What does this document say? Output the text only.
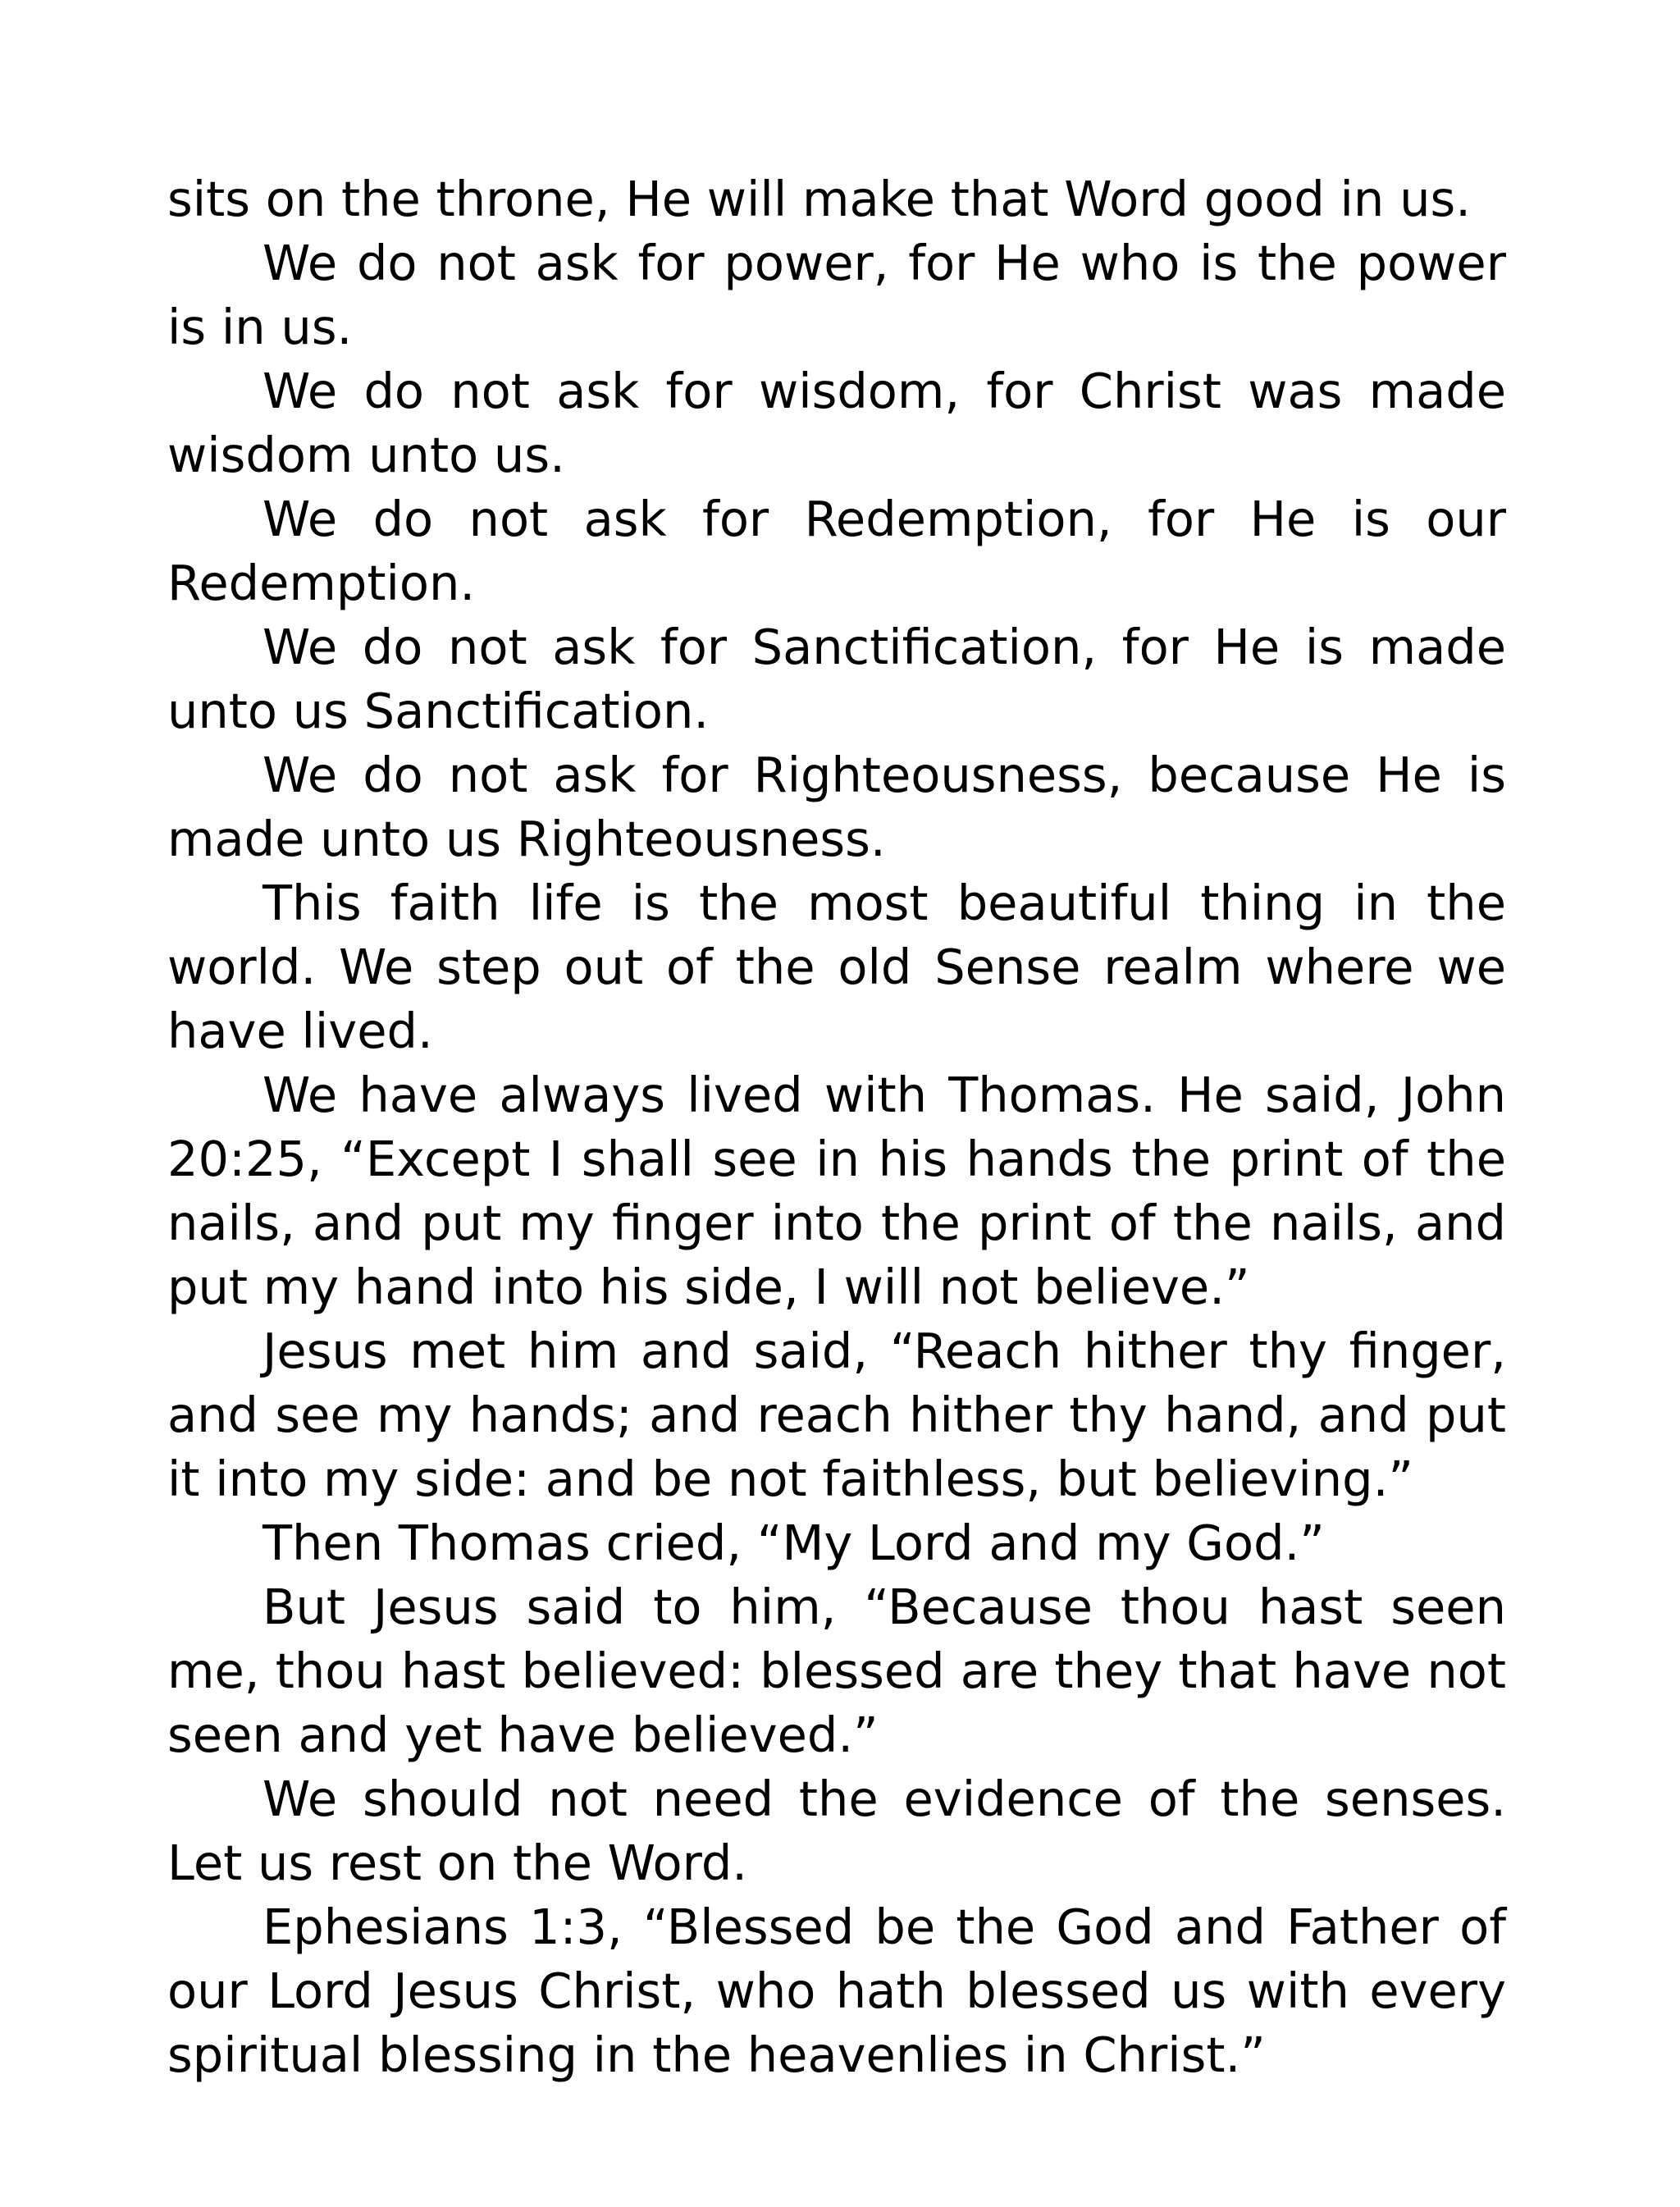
sits on the throne, He will make that Word good in us.

We do not ask for power, for He who is the power is in us.

We do not ask for wisdom, for Christ was made wisdom unto us.

We do not ask for Redemption, for He is our Redemption.

We do not ask for Sanctification, for He is made unto us Sanctification.

We do not ask for Righteousness, because He is made unto us Righteousness.

This faith life is the most beautiful thing in the world. We step out of the old Sense realm where we have lived.

We have always lived with Thomas. He said, John 20:25, “Except I shall see in his hands the print of the nails, and put my finger into the print of the nails, and put my hand into his side, I will not believe.”

Jesus met him and said, “Reach hither thy finger, and see my hands; and reach hither thy hand, and put it into my side: and be not faithless, but believing.”

Then Thomas cried, “My Lord and my God.”

But Jesus said to him, “Because thou hast seen me, thou hast believed: blessed are they that have not seen and yet have believed.”

We should not need the evidence of the senses. Let us rest on the Word.

Ephesians 1:3, “Blessed be the God and Father of our Lord Jesus Christ, who hath blessed us with every spiritual blessing in the heavenlies in Christ.”
